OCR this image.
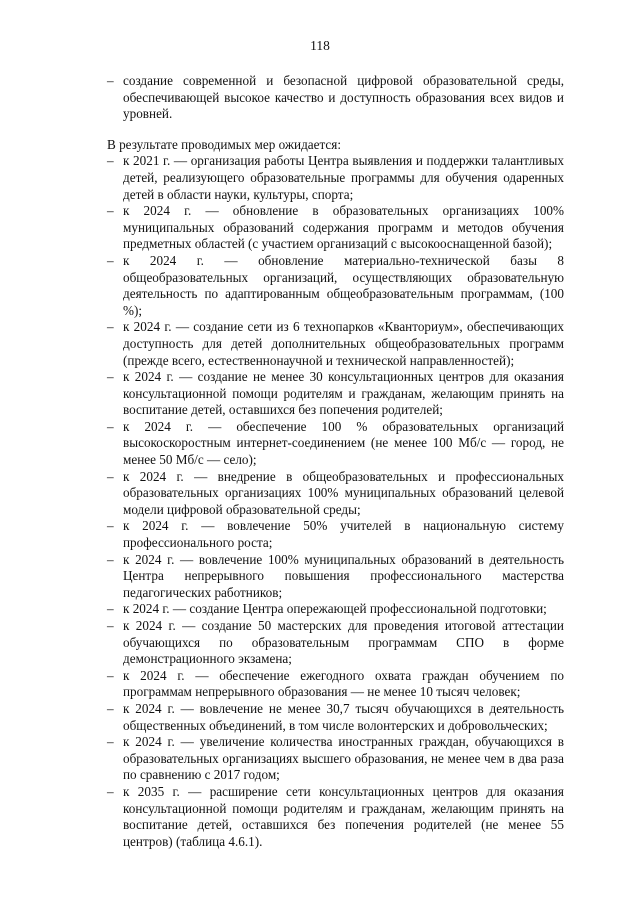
118

– создание современной и безопасной цифровой образовательной среды, обеспечивающей высокое качество и доступность образования всех видов и уровней.

В результате проводимых мер ожидается:

– к 2021 г. — организация работы Центра выявления и поддержки талантливых детей, реализующего образовательные программы для обучения одаренных детей в области науки, культуры, спорта;

– к 2024 г. — обновление в образовательных организациях 100% муниципальных образований содержания программ и методов обучения предметных областей (с участием организаций с высокооснащенной базой);

– к 2024 г. — обновление материально-технической базы 8 общеобразовательных организаций, осуществляющих образовательную деятельность по адаптированным общеобразовательным программам, (100 %);

– к 2024 г. — создание сети из 6 технопарков «Кванториум», обеспечивающих доступность для детей дополнительных общеобразовательных программ (прежде всего, естественнонаучной и технической направленностей);

– к 2024 г. — создание не менее 30 консультационных центров для оказания консультационной помощи родителям и гражданам, желающим принять на воспитание детей, оставшихся без попечения родителей;

– к 2024 г. — обеспечение 100 % образовательных организаций высокоскоростным интернет-соединением (не менее 100 Мб/с — город, не менее 50 Мб/с — село);

– к 2024 г. — внедрение в общеобразовательных и профессиональных образовательных организациях 100% муниципальных образований целевой модели цифровой образовательной среды;

– к 2024 г. — вовлечение 50% учителей в национальную систему профессионального роста;

– к 2024 г. — вовлечение 100% муниципальных образований в деятельность Центра непрерывного повышения профессионального мастерства педагогических работников;

– к 2024 г. — создание Центра опережающей профессиональной подготовки;

– к 2024 г. — создание 50 мастерских для проведения итоговой аттестации обучающихся по образовательным программам СПО в форме демонстрационного экзамена;

– к 2024 г. — обеспечение ежегодного охвата граждан обучением по программам непрерывного образования — не менее 10 тысяч человек;

– к 2024 г. — вовлечение не менее 30,7 тысяч обучающихся в деятельность общественных объединений, в том числе волонтерских и добровольческих;

– к 2024 г. — увеличение количества иностранных граждан, обучающихся в образовательных организациях высшего образования, не менее чем в два раза по сравнению с 2017 годом;

– к 2035 г. — расширение сети консультационных центров для оказания консультационной помощи родителям и гражданам, желающим принять на воспитание детей, оставшихся без попечения родителей (не менее 55 центров) (таблица 4.6.1).
